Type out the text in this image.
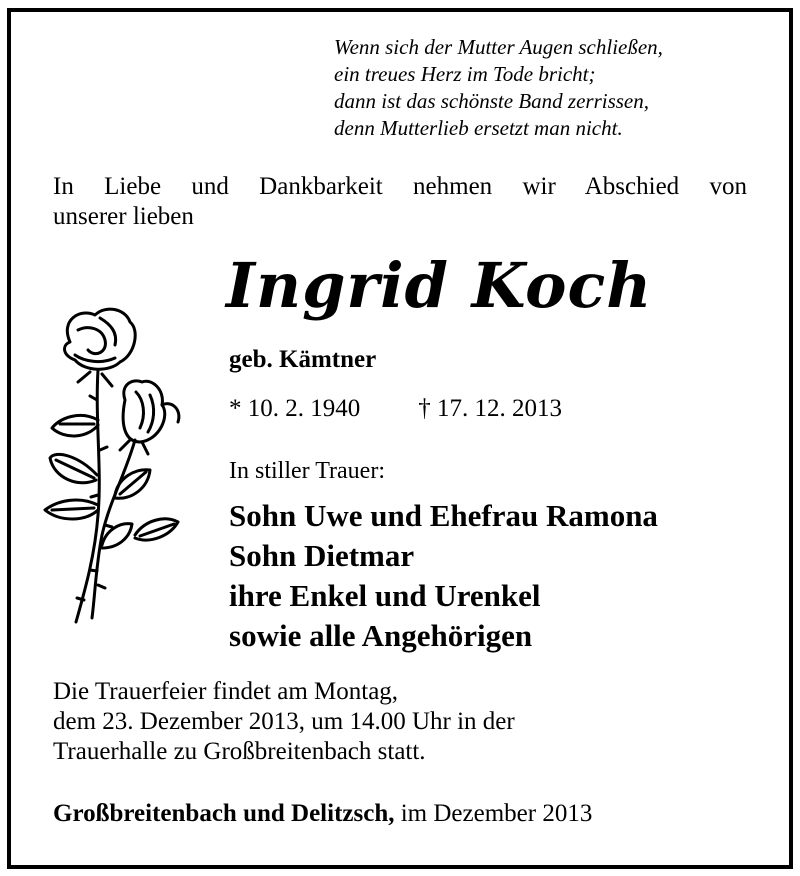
Wenn sich der Mutter Augen schließen,
ein treues Herz im Tode bricht;
dann ist das schönste Band zerrissen,
denn Mutterlieb ersetzt man nicht.
In Liebe und Dankbarkeit nehmen wir Abschied von
unserer lieben
Ingrid Koch
geb. Kämtner
* 10. 2. 1940 † 17. 12. 2013
In stiller Trauer:
Sohn Uwe und Ehefrau Ramona
Sohn Dietmar
ihre Enkel und Urenkel
sowie alle Angehörigen
Die Trauerfeier findet am Montag,
dem 23. Dezember 2013, um 14.00 Uhr in der
Trauerhalle zu Großbreitenbach statt.
Großbreitenbach und Delitzsch, im Dezember 2013
